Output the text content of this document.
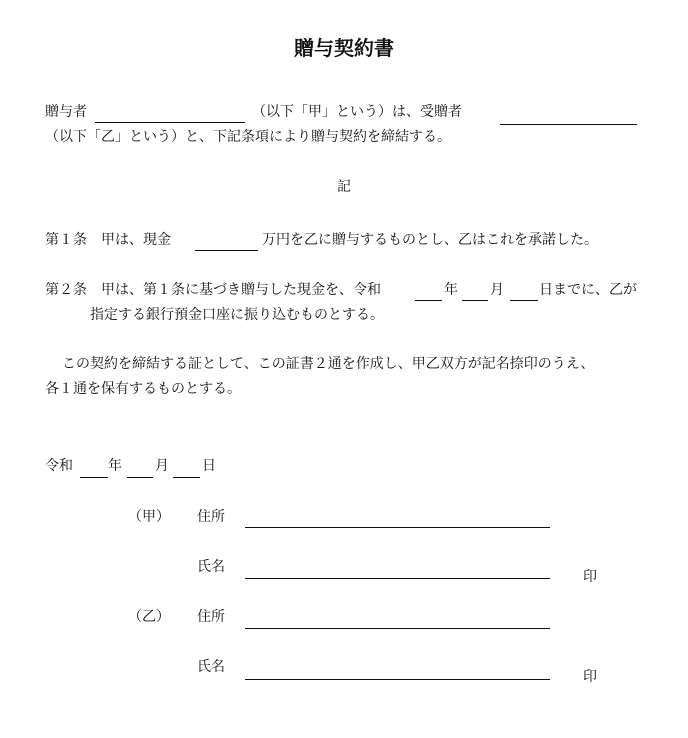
贈与契約書
贈与者	（以下「甲」という）は、受贈者
（以下「乙」という）と、下記条項により贈与契約を締結する。
記
第１条　甲は、現金	万円を乙に贈与するものとし、乙はこれを承諾した。
第２条　甲は、第１条に基づき贈与した現金を、令和	年 月	日までに、乙が
指定する銀行預金口座に振り込むものとする。
この契約を締結する証として、この証書２通を作成し、甲乙双方が記名捺印のうえ、
各１通を保有するものとする。
令和	年 月 日
（甲） 住所
氏名
印
（乙） 住所
氏名
印
